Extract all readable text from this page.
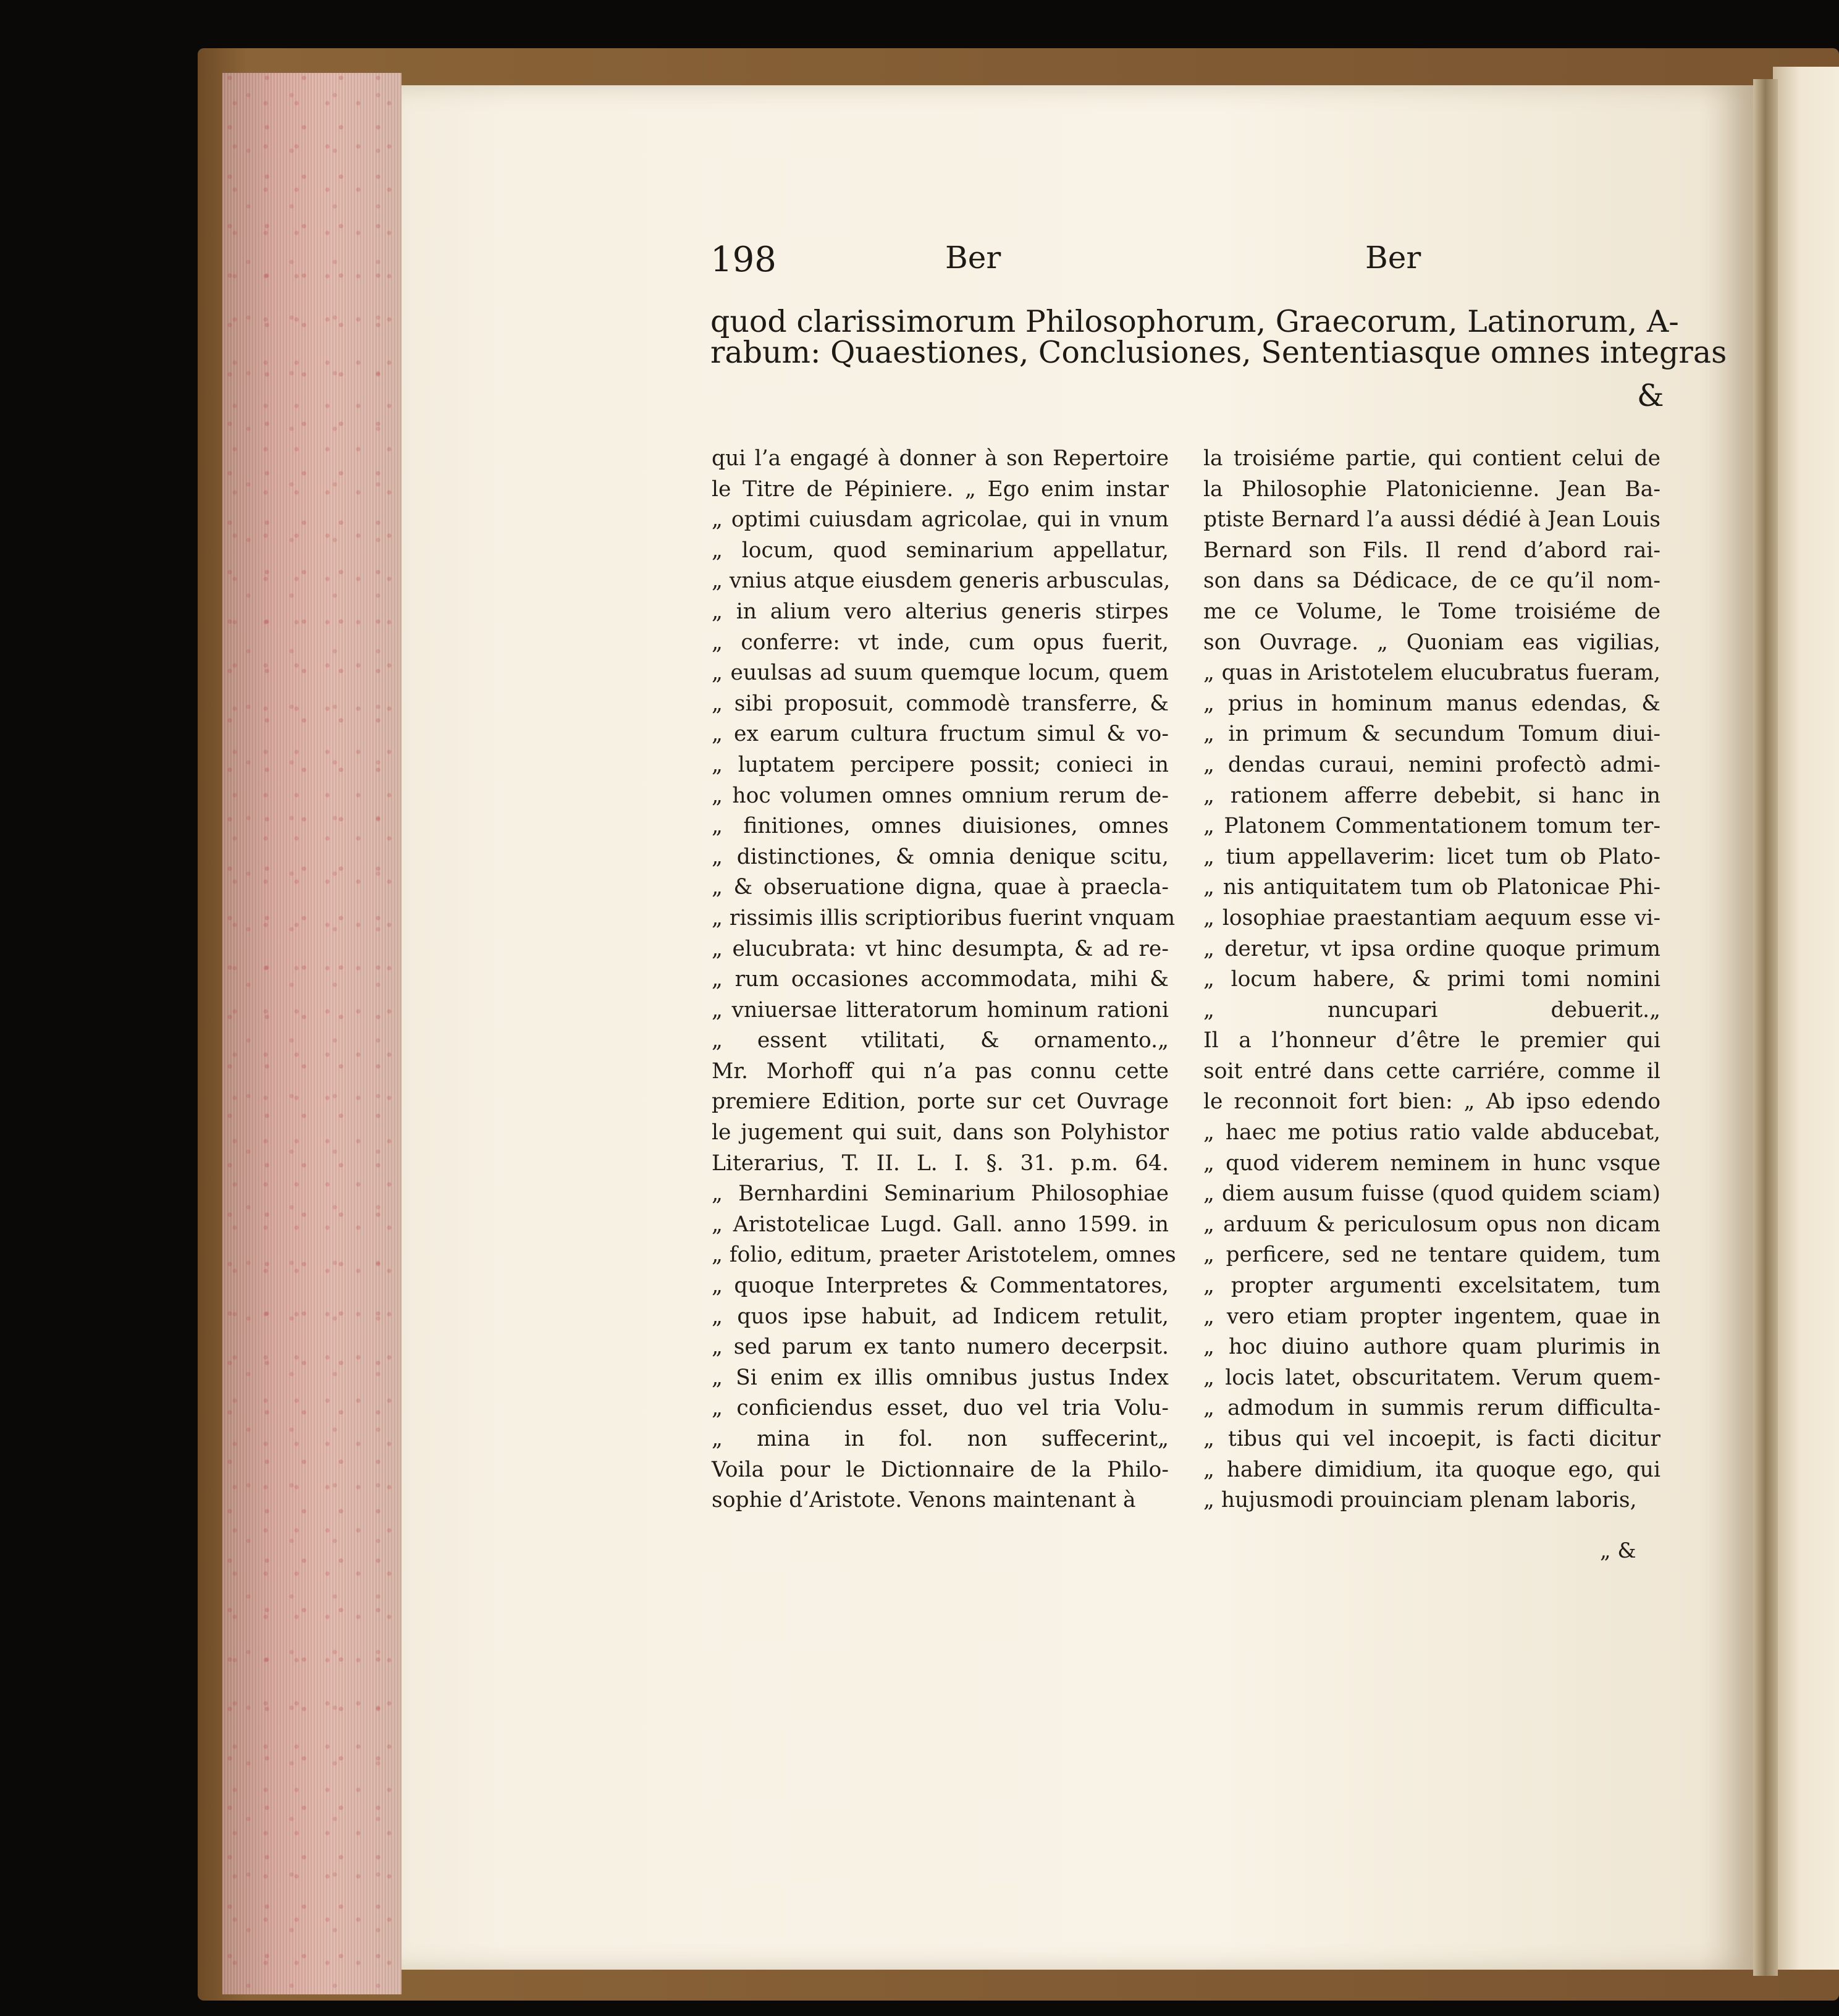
198	Ber	Ber
quod clarissimorum Philosophorum, Graecorum, Latinorum, A-
rabum: Quaestiones, Conclusiones, Sententiasque omnes integras
&
qui l’a engagé à donner à son Repertoire
le Titre de Pépiniere. „ Ego enim instar
„ optimi cuiusdam agricolae, qui in vnum
„ locum, quod seminarium appellatur,
„ vnius atque eiusdem generis arbusculas,
„ in alium vero alterius generis stirpes
„ conferre: vt inde, cum opus fuerit,
„ euulsas ad suum quemque locum, quem
„ sibi proposuit, commodè transferre, &
„ ex earum cultura fructum simul & vo-
„ luptatem percipere possit; conieci in
„ hoc volumen omnes omnium rerum de-
„ finitiones, omnes diuisiones, omnes
„ distinctiones, & omnia denique scitu,
„ & obseruatione digna, quae à praecla-
„ rissimis illis scriptioribus fuerint vnquam
„ elucubrata: vt hinc desumpta, & ad re-
„ rum occasiones accommodata, mihi &
„ vniuersae litteratorum hominum rationi
„ essent vtilitati, & ornamento.„
Mr. Morhoff qui n’a pas connu cette
premiere Edition, porte sur cet Ouvrage
le jugement qui suit, dans son Polyhistor
Literarius, T. II. L. I. §. 31. p.m. 64.
„ Bernhardini Seminarium Philosophiae
„ Aristotelicae Lugd. Gall. anno 1599. in
„ folio, editum, praeter Aristotelem, omnes
„ quoque Interpretes & Commentatores,
„ quos ipse habuit, ad Indicem retulit,
„ sed parum ex tanto numero decerpsit.
„ Si enim ex illis omnibus justus Index
„ conficiendus esset, duo vel tria Volu-
„ mina in fol. non suffecerint„
Voila pour le Dictionnaire de la Philo-
sophie d’Aristote. Venons maintenant à
la troisiéme partie, qui contient celui de
la Philosophie Platonicienne. Jean Ba-
ptiste Bernard l’a aussi dédié à Jean Louis
Bernard son Fils. Il rend d’abord rai-
son dans sa Dédicace, de ce qu’il nom-
me ce Volume, le Tome troisiéme de
son Ouvrage. „ Quoniam eas vigilias,
„ quas in Aristotelem elucubratus fueram,
„ prius in hominum manus edendas, &
„ in primum & secundum Tomum diui-
„ dendas curaui, nemini profectò admi-
„ rationem afferre debebit, si hanc in
„ Platonem Commentationem tomum ter-
„ tium appellaverim: licet tum ob Plato-
„ nis antiquitatem tum ob Platonicae Phi-
„ losophiae praestantiam aequum esse vi-
„ deretur, vt ipsa ordine quoque primum
„ locum habere, & primi tomi nomini
„ nuncupari debuerit.„
Il a l’honneur d’être le premier qui
soit entré dans cette carriére, comme il
le reconnoit fort bien: „ Ab ipso edendo
„ haec me potius ratio valde abducebat,
„ quod viderem neminem in hunc vsque
„ diem ausum fuisse (quod quidem sciam)
„ arduum & periculosum opus non dicam
„ perficere, sed ne tentare quidem, tum
„ propter argumenti excelsitatem, tum
„ vero etiam propter ingentem, quae in
„ hoc diuino authore quam plurimis in
„ locis latet, obscuritatem. Verum quem-
„ admodum in summis rerum difficulta-
„ tibus qui vel incoepit, is facti dicitur
„ habere dimidium, ita quoque ego, qui
„ hujusmodi prouinciam plenam laboris,
„ &
